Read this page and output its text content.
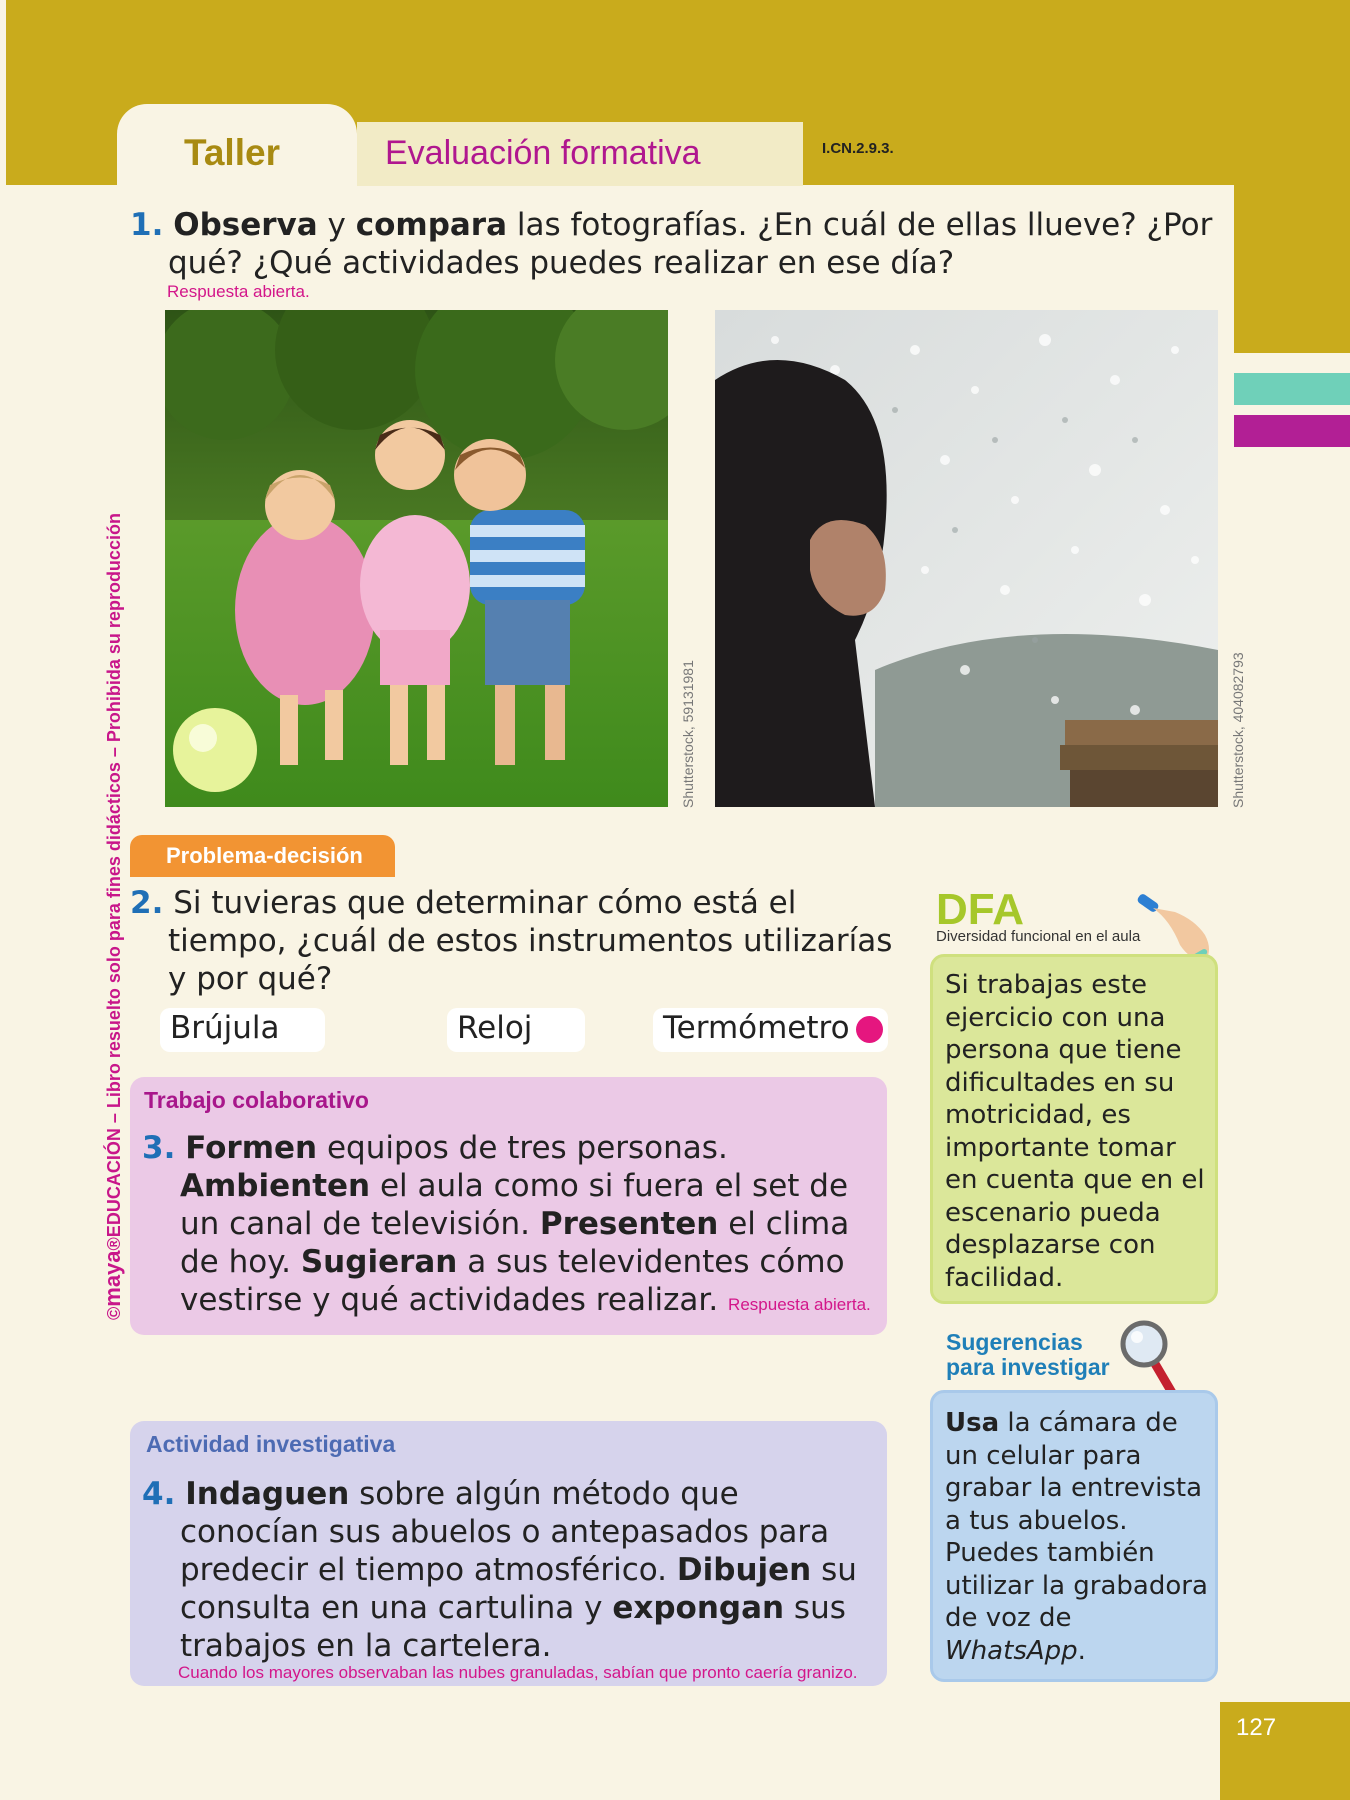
Taller	Evaluación formativa	I.CN.2.9.3.
©maya®EDUCACIÓN – Libro resuelto solo para fines didácticos – Prohibida su reproducción

1. Observa y compara las fotografías. ¿En cuál de ellas llueve? ¿Por qué? ¿Qué actividades puedes realizar en ese día?

Respuesta abierta.
Shutterstock, 59131981	Shutterstock, 404082793
Problema-decisión

2. Si tuvieras que determinar cómo está el tiempo, ¿cuál de estos instrumentos utilizarías y por qué?

Brújula	Reloj	Termómetro
Trabajo colaborativo

3. Formen equipos de tres personas. Ambienten el aula como si fuera el set de un canal de televisión. Presenten el clima de hoy. Sugieran a sus televidentes cómo vestirse y qué actividades realizar. Respuesta abierta.

Actividad investigativa

4. Indaguen sobre algún método que conocían sus abuelos o antepasados para predecir el tiempo atmosférico. Dibujen su consulta en una cartulina y expongan sus trabajos en la cartelera.

Cuando los mayores observaban las nubes granuladas, sabían que pronto caería granizo.
DFA
Diversidad funcional en el aula
Si trabajas este ejercicio con una persona que tiene dificultades en su motricidad, es importante tomar en cuenta que en el escenario pueda desplazarse con facilidad.
Sugerencias
para investigar
Usa la cámara de un celular para grabar la entrevista a tus abuelos. Puedes también utilizar la grabadora de voz de WhatsApp.
127
